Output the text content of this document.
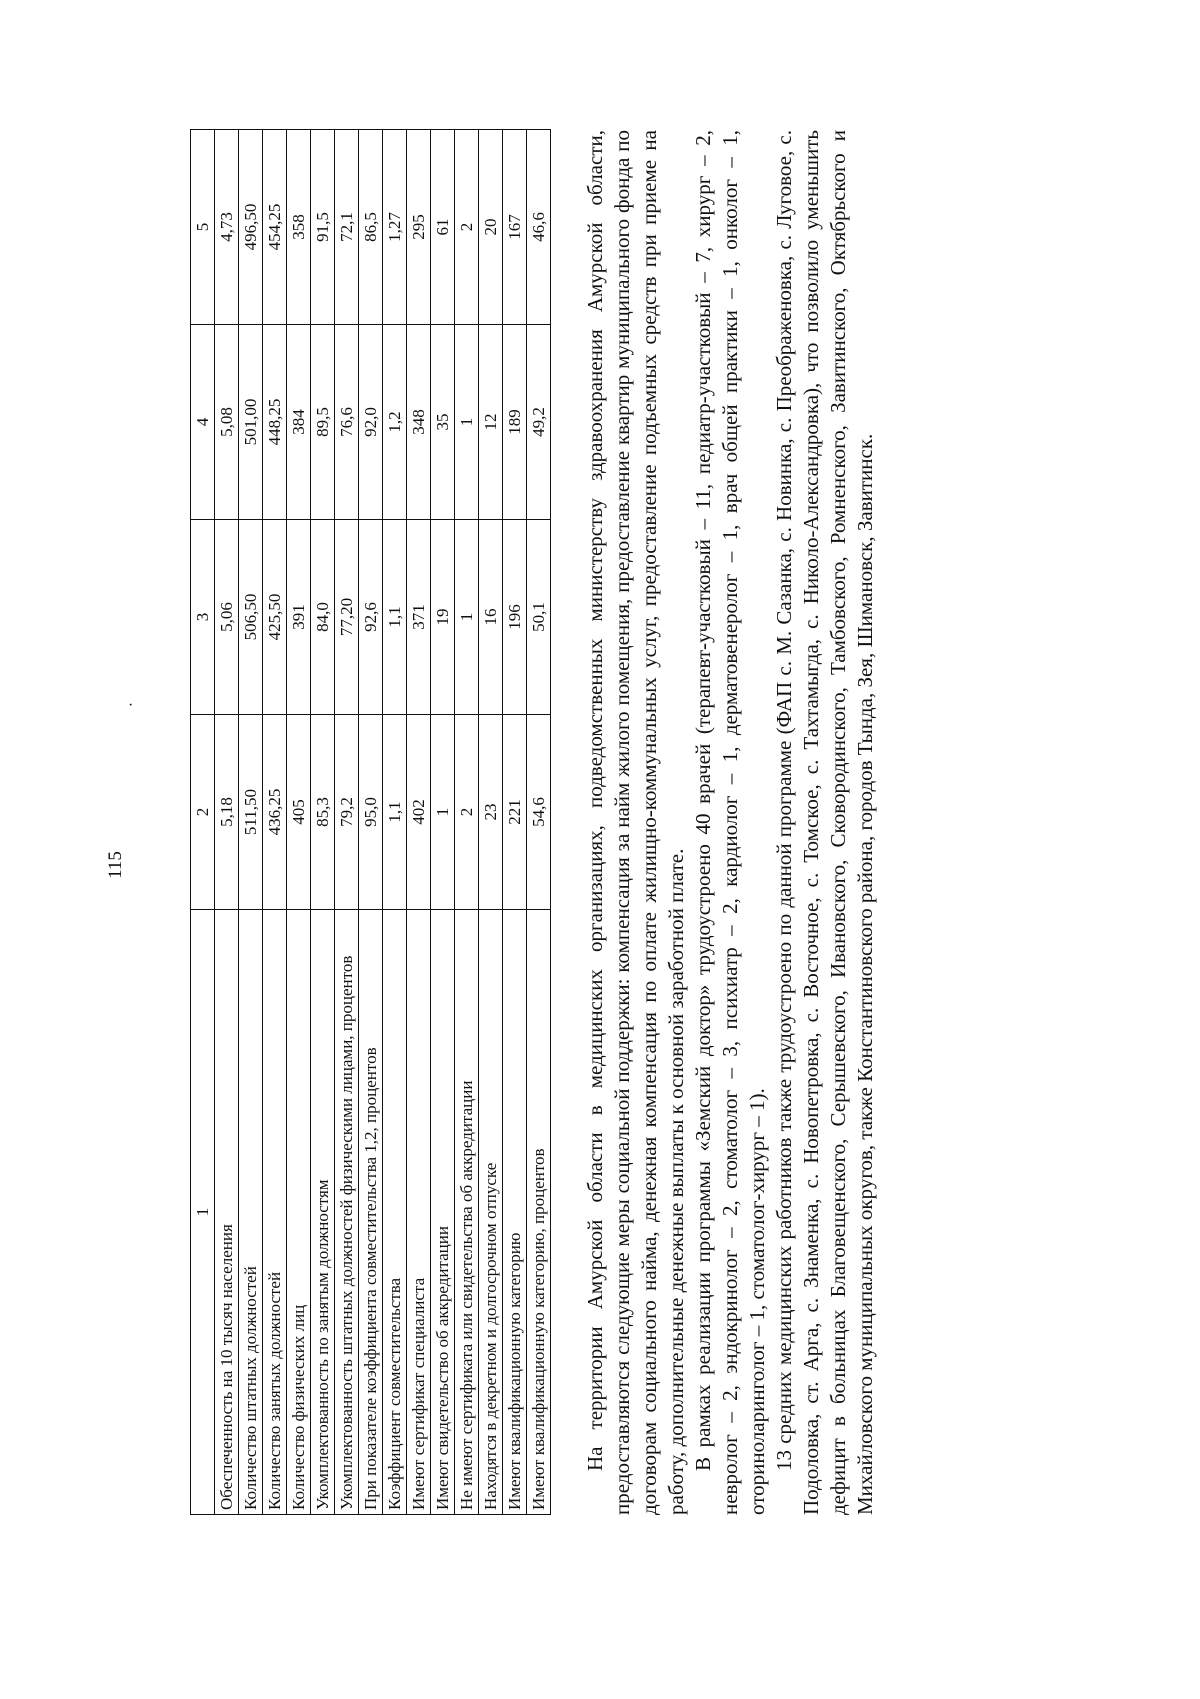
115
·
1	2	3	4	5
Обеспеченность на 10 тысяч населения	5,18	5,06	5,08	4,73
Количество штатных должностей	511,50	506,50	501,00	496,50
Количество занятых должностей	436,25	425,50	448,25	454,25
Количество физических лиц	405	391	384	358
Укомплектованность по занятым должностям	85,3	84,0	89,5	91,5
Укомплектованность штатных должностей физическими лицами, процентов	79,2	77,20	76,6	72,1
При показателе коэффициента совместительства 1,2, процентов	95,0	92,6	92,0	86,5
Коэффициент совместительства	1,1	1,1	1,2	1,27
Имеют сертификат специалиста	402	371	348	295
Имеют свидетельство об аккредитации	1	19	35	61
Не имеют сертификата или свидетельства об аккредитации	2	1	1	2
Находятся в декретном и долгосрочном отпуске	23	16	12	20
Имеют квалификационную категорию	221	196	189	167
Имеют квалификационную категорию, процентов	54,6	50,1	49,2	46,6 На территории Амурской области в медицинских организациях, подведомственных министерству здравоохранения Амурской области, предоставляются следующие меры социальной поддержки: компенсация за найм жилого помещения, предоставление квартир муниципального фонда по договорам социального найма, денежная компенсация по оплате жилищно-коммунальных услуг, предоставление подъемных средств при приеме на работу, дополнительные денежные выплаты к основной заработной плате. В рамках реализации программы «Земский доктор» трудоустроено 40 врачей (терапевт-участковый – 11, педиатр-участковый – 7, хирург – 2, невролог – 2, эндокринолог – 2, стоматолог – 3, психиатр – 2, кардиолог – 1, дерматовенеролог – 1, врач общей практики – 1, онколог – 1, оториноларинголог – 1, стоматолог-хирург – 1). 13 средних медицинских работников также трудоустроено по данной программе (ФАП с. М. Сазанка, с. Новинка, с. Преображеновка, с. Луговое, с. Подоловка, ст. Арга, с. Знаменка, с. Новопетровка, с. Восточное, с. Томское, с. Тахтамыгда, с. Николо-Александровка), что позволило уменьшить дефицит в больницах Благовещенского, Серышевского, Ивановского, Сковородинского, Тамбовского, Ромненского, Завитинского, Октябрьского и Михайловского муниципальных округов, также Константиновского района, городов Тында, Зея, Шимановск, Завитинск.
